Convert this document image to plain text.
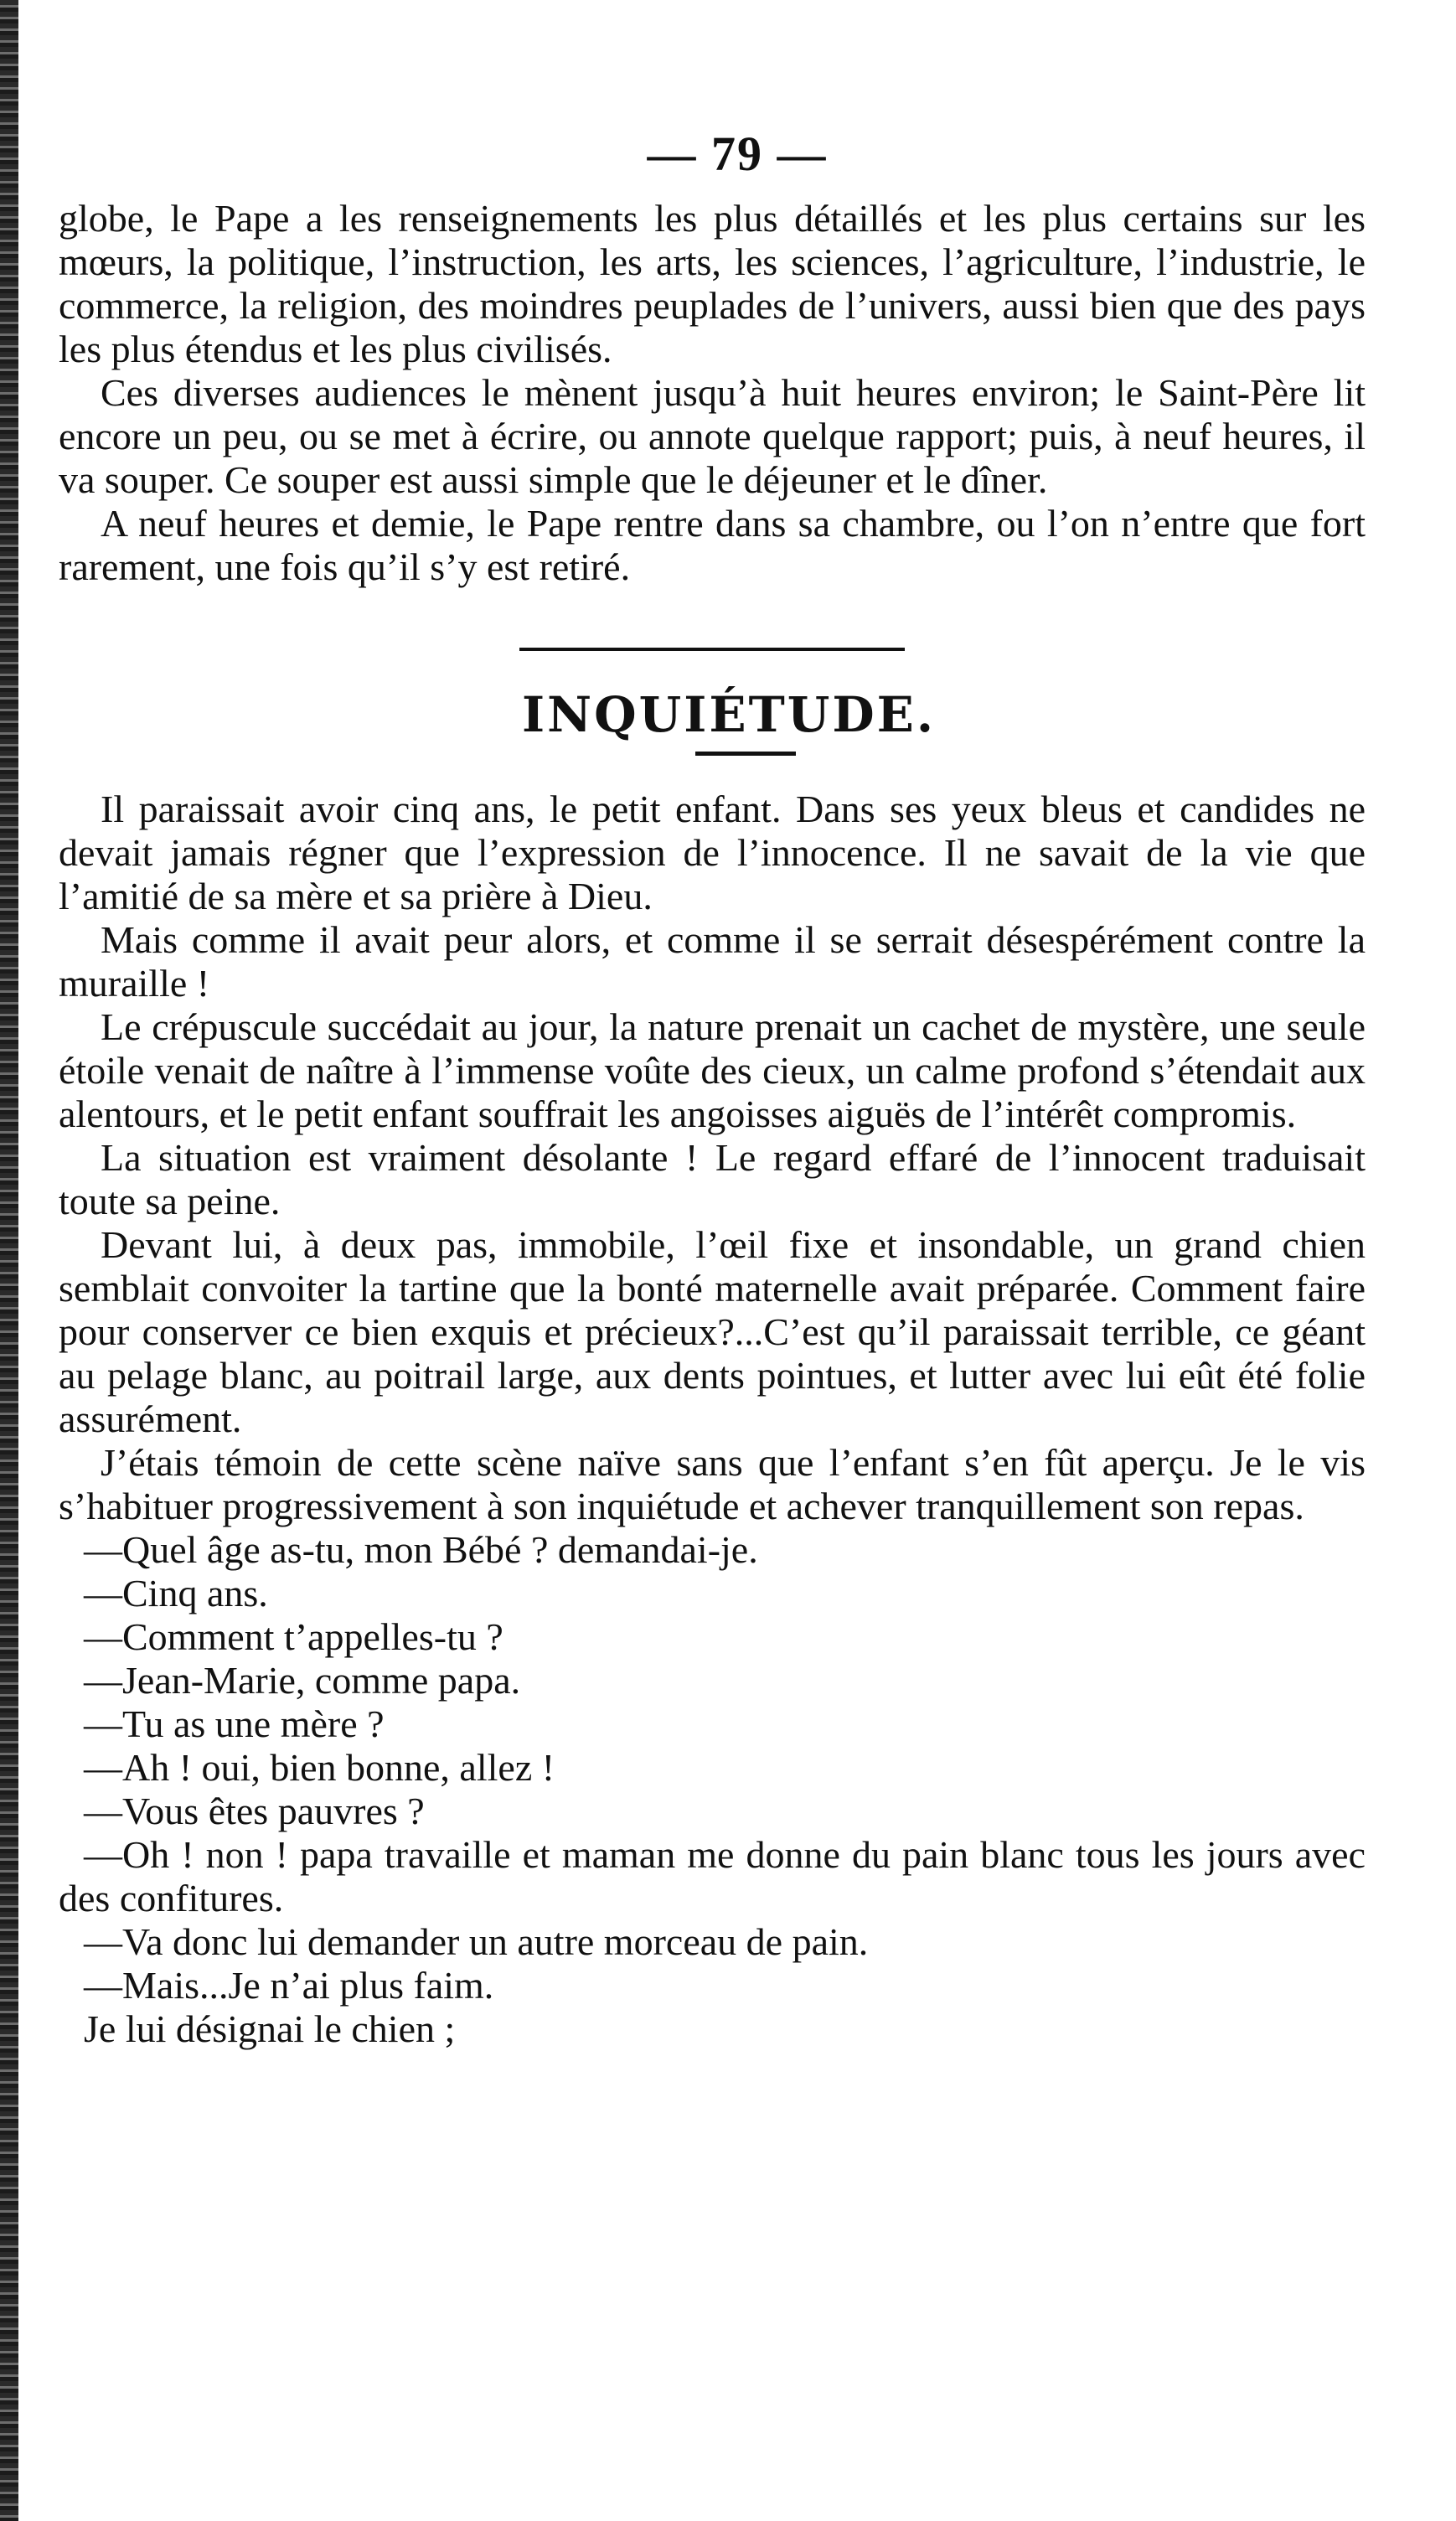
— 79 —

globe, le Pape a les renseignements les plus détaillés et les plus certains sur les mœurs, la politique, l’instruction, les arts, les sciences, l’agriculture, l’industrie, le commerce, la religion, des moindres peuplades de l’univers, aussi bien que des pays les plus étendus et les plus civilisés.

Ces diverses audiences le mènent jusqu’à huit heures environ; le Saint-Père lit encore un peu, ou se met à écrire, ou annote quelque rapport; puis, à neuf heures, il va souper. Ce souper est aussi simple que le déjeuner et le dîner.

A neuf heures et demie, le Pape rentre dans sa chambre, ou l’on n’entre que fort rarement, une fois qu’il s’y est retiré.

INQUIÉTUDE.

Il paraissait avoir cinq ans, le petit enfant. Dans ses yeux bleus et candides ne devait jamais régner que l’expression de l’innocence. Il ne savait de la vie que l’amitié de sa mère et sa prière à Dieu.

Mais comme il avait peur alors, et comme il se serrait désespérément contre la muraille !

Le crépuscule succédait au jour, la nature prenait un cachet de mystère, une seule étoile venait de naître à l’immense voûte des cieux, un calme profond s’étendait aux alentours, et le petit enfant souffrait les angoisses aiguës de l’intérêt compromis.

La situation est vraiment désolante ! Le regard effaré de l’innocent traduisait toute sa peine.

Devant lui, à deux pas, immobile, l’œil fixe et insondable, un grand chien semblait convoiter la tartine que la bonté maternelle avait préparée. Comment faire pour conserver ce bien exquis et précieux?...C’est qu’il paraissait terrible, ce géant au pelage blanc, au poitrail large, aux dents pointues, et lutter avec lui eût été folie assurément.

J’étais témoin de cette scène naïve sans que l’enfant s’en fût aperçu. Je le vis s’habituer progressivement à son inquiétude et achever tranquillement son repas.

—Quel âge as-tu, mon Bébé ? demandai-je.

—Cinq ans.

—Comment t’appelles-tu ?

—Jean-Marie, comme papa.

—Tu as une mère ?

—Ah ! oui, bien bonne, allez !

—Vous êtes pauvres ?

—Oh ! non ! papa travaille et maman me donne du pain blanc tous les jours avec des confitures.

—Va donc lui demander un autre morceau de pain.

—Mais...Je n’ai plus faim.

Je lui désignai le chien ;
